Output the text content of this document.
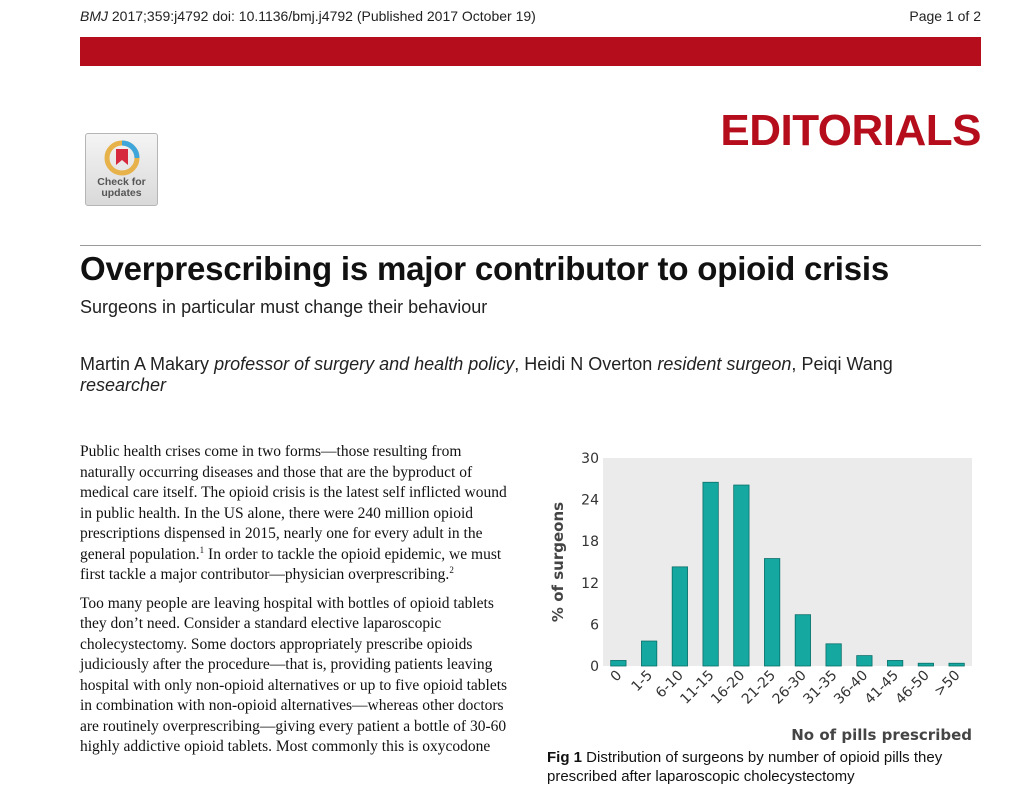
BMJ 2017;359:j4792 doi: 10.1136/bmj.j4792 (Published 2017 October 19)	Page 1 of 2
EDITORIALS
Check for
updates
Overprescribing is major contributor to opioid crisis
Surgeons in particular must change their behaviour
Martin A Makary professor of surgery and health policy, Heidi N Overton resident surgeon, Peiqi Wang researcher

Public health crises come in two forms—those resulting from naturally occurring diseases and those that are the byproduct of medical care itself. The opioid crisis is the latest self inflicted wound in public health. In the US alone, there were 240 million opioid prescriptions dispensed in 2015, nearly one for every adult in the general population.$^1$ In order to tackle the opioid epidemic, we must first tackle a major contributor—physician overprescribing.$^2$

Too many people are leaving hospital with bottles of opioid tablets they don’t need. Consider a standard elective laparoscopic cholecystectomy. Some doctors appropriately prescribe opioids judiciously after the procedure—that is, providing patients leaving hospital with only non-opioid alternatives or up to five opioid tablets in combination with non-opioid alternatives—whereas other doctors are routinely overprescribing—giving every patient a bottle of 30-60 highly addictive opioid tablets. Most commonly this is oxycodone

0
6
12
18
24
30
0 1-5
6-10
11-15
16-20
21-25
26-30
31-35
36-40
41-45
46-50
>50
% of surgeons
No of pills prescribed
Fig 1 Distribution of surgeons by number of opioid pills they prescribed after laparoscopic cholecystectomy
